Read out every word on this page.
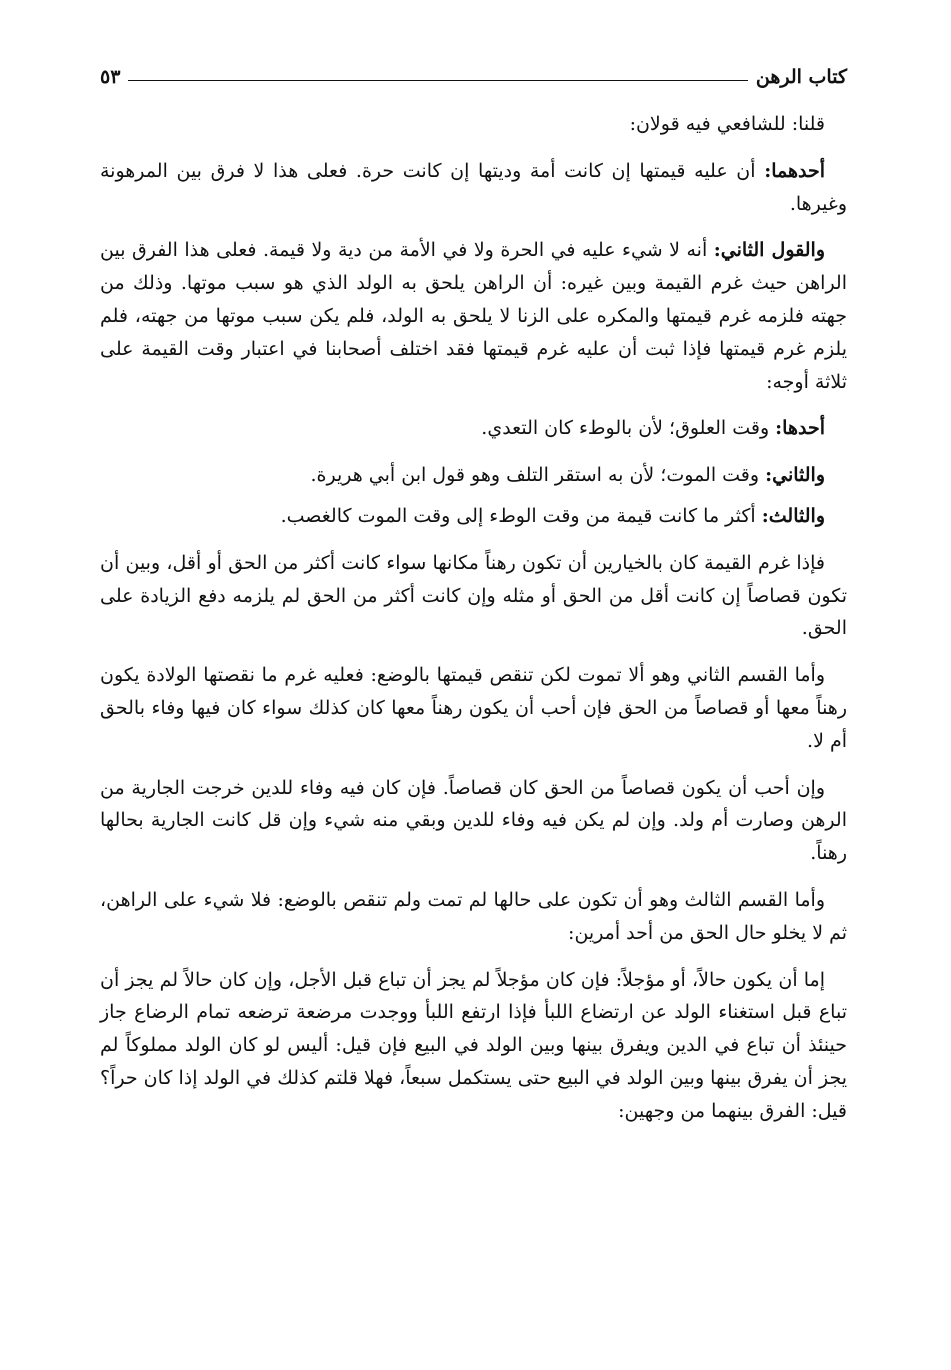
كتاب الرهن
٥٣

قلنا: للشافعي فيه قولان:

أحدهما: أن عليه قيمتها إن كانت أمة وديتها إن كانت حرة. فعلى هذا لا فرق بين المرهونة وغيرها.

والقول الثاني: أنه لا شيء عليه في الحرة ولا في الأمة من دية ولا قيمة. فعلى هذا الفرق بين الراهن حيث غرم القيمة وبين غيره: أن الراهن يلحق به الولد الذي هو سبب موتها. وذلك من جهته فلزمه غرم قيمتها والمكره على الزنا لا يلحق به الولد، فلم يكن سبب موتها من جهته، فلم يلزم غرم قيمتها فإذا ثبت أن عليه غرم قيمتها فقد اختلف أصحابنا في اعتبار وقت القيمة على ثلاثة أوجه:

أحدها: وقت العلوق؛ لأن بالوطء كان التعدي.

والثاني: وقت الموت؛ لأن به استقر التلف وهو قول ابن أبي هريرة.

والثالث: أكثر ما كانت قيمة من وقت الوطء إلى وقت الموت كالغصب.

فإذا غرم القيمة كان بالخيارين أن تكون رهناً مكانها سواء كانت أكثر من الحق أو أقل، وبين أن تكون قصاصاً إن كانت أقل من الحق أو مثله وإن كانت أكثر من الحق لم يلزمه دفع الزيادة على الحق.

وأما القسم الثاني وهو ألا تموت لكن تنقص قيمتها بالوضع: فعليه غرم ما نقصتها الولادة يكون رهناً معها أو قصاصاً من الحق فإن أحب أن يكون رهناً معها كان كذلك سواء كان فيها وفاء بالحق أم لا.

وإن أحب أن يكون قصاصاً من الحق كان قصاصاً. فإن كان فيه وفاء للدين خرجت الجارية من الرهن وصارت أم ولد. وإن لم يكن فيه وفاء للدين وبقي منه شيء وإن قل كانت الجارية بحالها رهناً.

وأما القسم الثالث وهو أن تكون على حالها لم تمت ولم تنقص بالوضع: فلا شيء على الراهن، ثم لا يخلو حال الحق من أحد أمرين:

إما أن يكون حالاً، أو مؤجلاً: فإن كان مؤجلاً لم يجز أن تباع قبل الأجل، وإن كان حالاً لم يجز أن تباع قبل استغناء الولد عن ارتضاع اللبأ فإذا ارتفع اللبأ ووجدت مرضعة ترضعه تمام الرضاع جاز حينئذ أن تباع في الدين ويفرق بينها وبين الولد في البيع فإن قيل: أليس لو كان الولد مملوكاً لم يجز أن يفرق بينها وبين الولد في البيع حتى يستكمل سبعاً، فهلا قلتم كذلك في الولد إذا كان حراً؟ قيل: الفرق بينهما من وجهين:
